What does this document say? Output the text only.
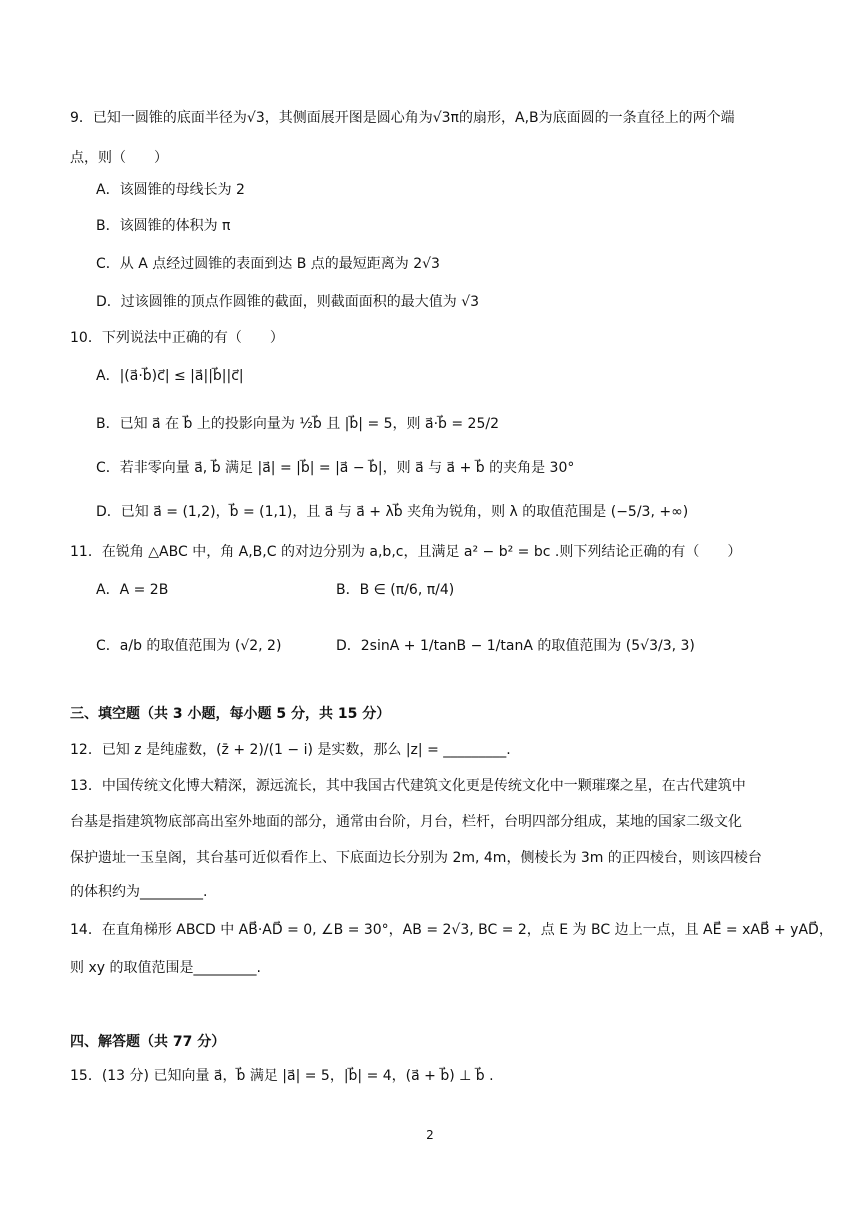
9．已知一圆锥的底面半径为√3，其侧面展开图是圆心角为√3π的扇形，A,B为底面圆的一条直径上的两个端
点，则（　　）
A．该圆锥的母线长为 2
B．该圆锥的体积为 π
C．从 A 点经过圆锥的表面到达 B 点的最短距离为 2√3
D．过该圆锥的顶点作圆锥的截面，则截面面积的最大值为 √3
10．下列说法中正确的有（　　）
A．|(a⃗·b⃗)c⃗| ≤ |a⃗||b⃗||c⃗|
B．已知 a⃗ 在 b⃗ 上的投影向量为 ½b⃗ 且 |b⃗| = 5，则 a⃗·b⃗ = 25/2
C．若非零向量 a⃗, b⃗ 满足 |a⃗| = |b⃗| = |a⃗ − b⃗|，则 a⃗ 与 a⃗ + b⃗ 的夹角是 30°
D．已知 a⃗ = (1,2)，b⃗ = (1,1)，且 a⃗ 与 a⃗ + λb⃗ 夹角为锐角，则 λ 的取值范围是 (−5/3, +∞)
11．在锐角 △ABC 中，角 A,B,C 的对边分别为 a,b,c，且满足 a² − b² = bc .则下列结论正确的有（　　）
A．A = 2B	B．B ∈ (π/6, π/4)
C．a/b 的取值范围为 (√2, 2)	D．2sinA + 1/tanB − 1/tanA 的取值范围为 (5√3/3, 3)
三、填空题（共 3 小题，每小题 5 分，共 15 分）
12．已知 z 是纯虚数，(z̄ + 2)/(1 − i) 是实数，那么 |z| = _________.
13．中国传统文化博大精深，源远流长，其中我国古代建筑文化更是传统文化中一颗璀璨之星，在古代建筑中
台基是指建筑物底部高出室外地面的部分，通常由台阶，月台，栏杆，台明四部分组成，某地的国家二级文化
保护遗址一玉皇阁，其台基可近似看作上、下底面边长分别为 2m, 4m，侧棱长为 3m 的正四棱台，则该四棱台
的体积约为_________.
14．在直角梯形 ABCD 中 AB⃗·AD⃗ = 0, ∠B = 30°，AB = 2√3, BC = 2，点 E 为 BC 边上一点，且 AE⃗ = xAB⃗ + yAD⃗，
则 xy 的取值范围是_________.
四、解答题（共 77 分）
15．(13 分) 已知向量 a⃗，b⃗ 满足 |a⃗| = 5，|b⃗| = 4，(a⃗ + b⃗) ⊥ b⃗ .
2
